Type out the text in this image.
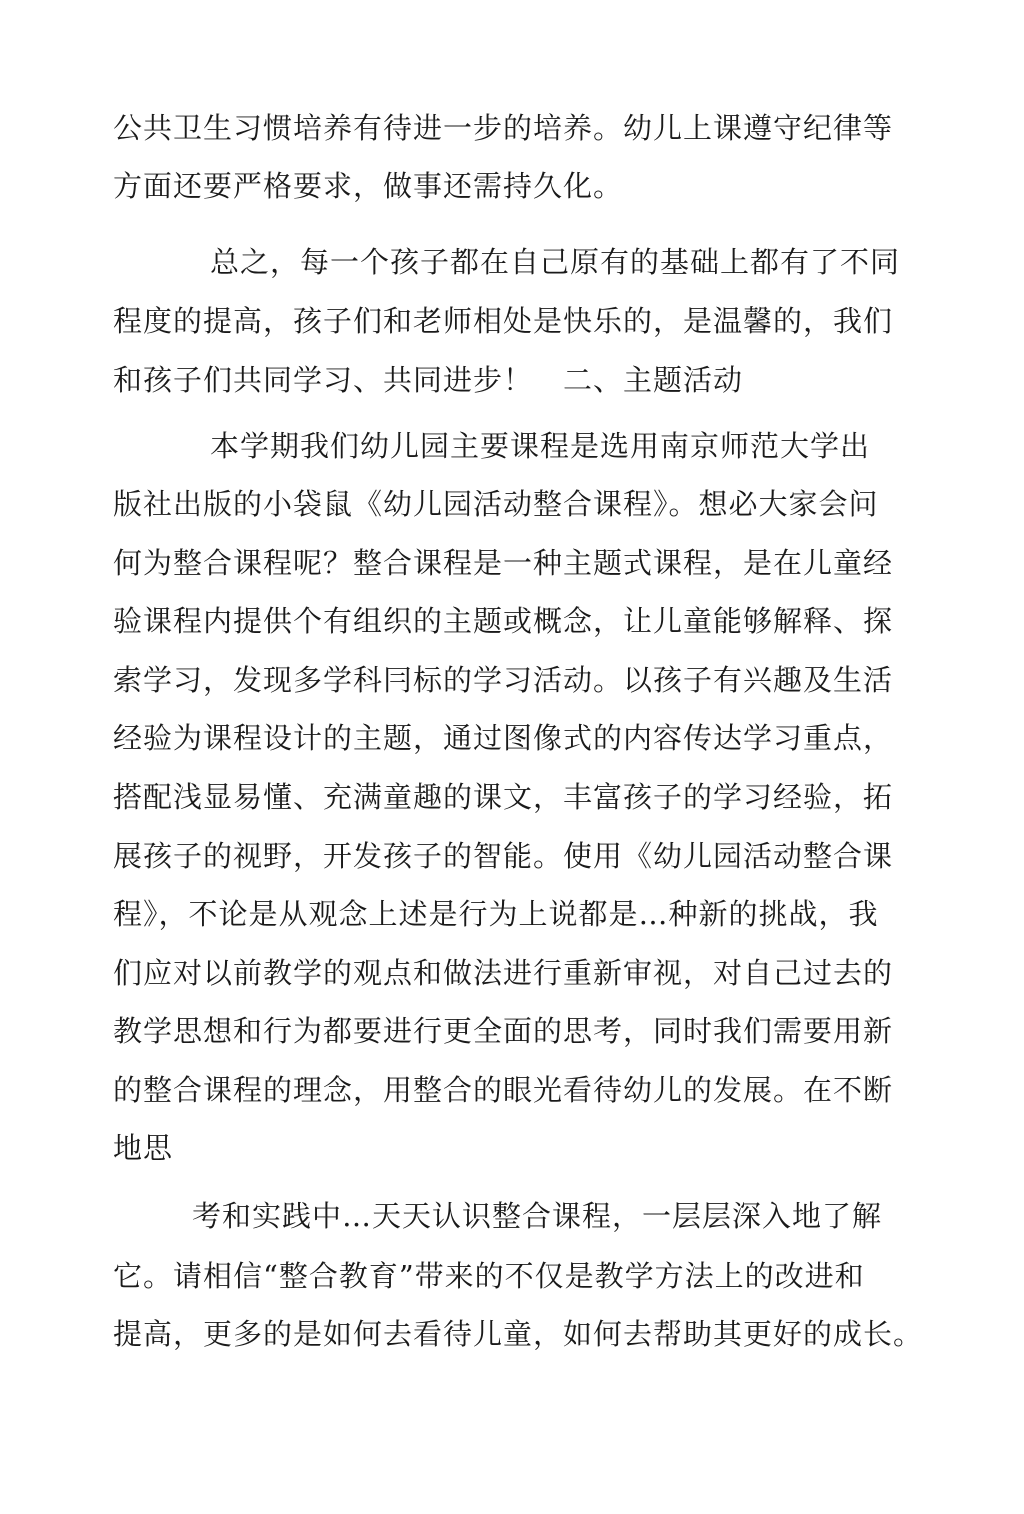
公共卫生习惯培养有待进一步的培养。幼儿上课遵守纪律等
方面还要严格要求，做事还需持久化。
总之，每一个孩子都在自己原有的基础上都有了不同
程度的提高，孩子们和老师相处是快乐的，是温馨的，我们
和孩子们共同学习、共同进步！　二、主题活动
本学期我们幼儿园主要课程是选用南京师范大学出
版社出版的小袋鼠《幼儿园活动整合课程》。想必大家会问
何为整合课程呢？整合课程是一种主题式课程，是在儿童经
验课程内提供个有组织的主题或概念，让儿童能够解释、探
索学习，发现多学科冃标的学习活动。以孩子有兴趣及生活
经验为课程设计的主题，通过图像式的内容传达学习重点，
搭配浅显易懂、充满童趣的课文，丰富孩子的学习经验，拓
展孩子的视野，开发孩子的智能。使用《幼儿园活动整合课
程》，不论是从观念上述是行为上说都是…种新的挑战，我
们应对以前教学的观点和做法进行重新审视，对自己过去的
教学思想和行为都要进行更全面的思考，同时我们需要用新
的整合课程的理念，用整合的眼光看待幼儿的发展。在不断
地思
考和实践中…天天认识整合课程，一层层深入地了解
它。请相信“整合教育”带来的不仅是教学方法上的改进和
提高，更多的是如何去看待儿童，如何去帮助其更好的成长。
